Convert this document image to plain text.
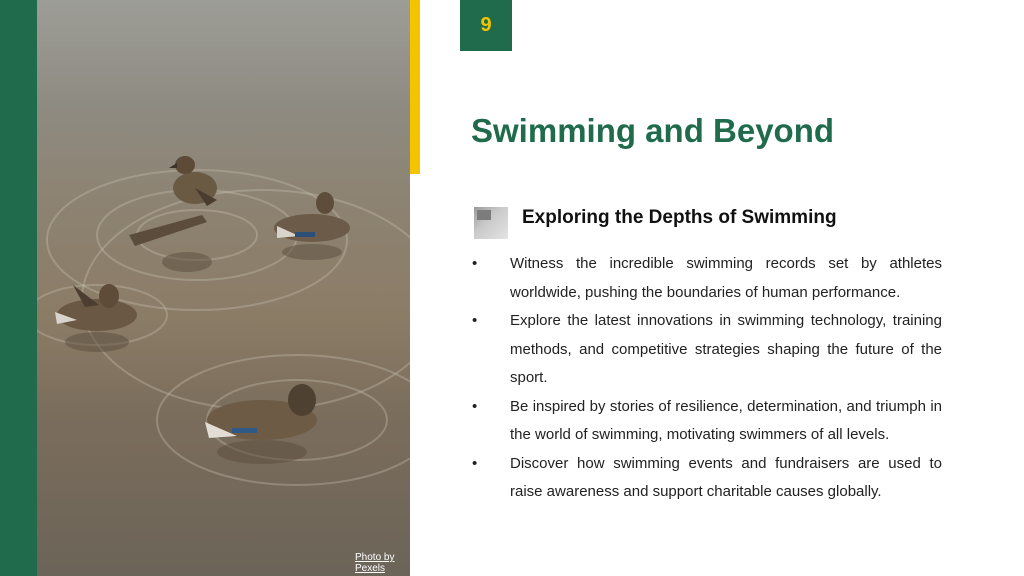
Photo by Pexels
9
Swimming and Beyond
Exploring the Depths of Swimming
• Witness the incredible swimming records set by athletes worldwide, pushing the boundaries of human performance.
• Explore the latest innovations in swimming technology, training methods, and competitive strategies shaping the future of the sport.
• Be inspired by stories of resilience, determination, and triumph in the world of swimming, motivating swimmers of all levels.
• Discover how swimming events and fundraisers are used to raise awareness and support charitable causes globally.
